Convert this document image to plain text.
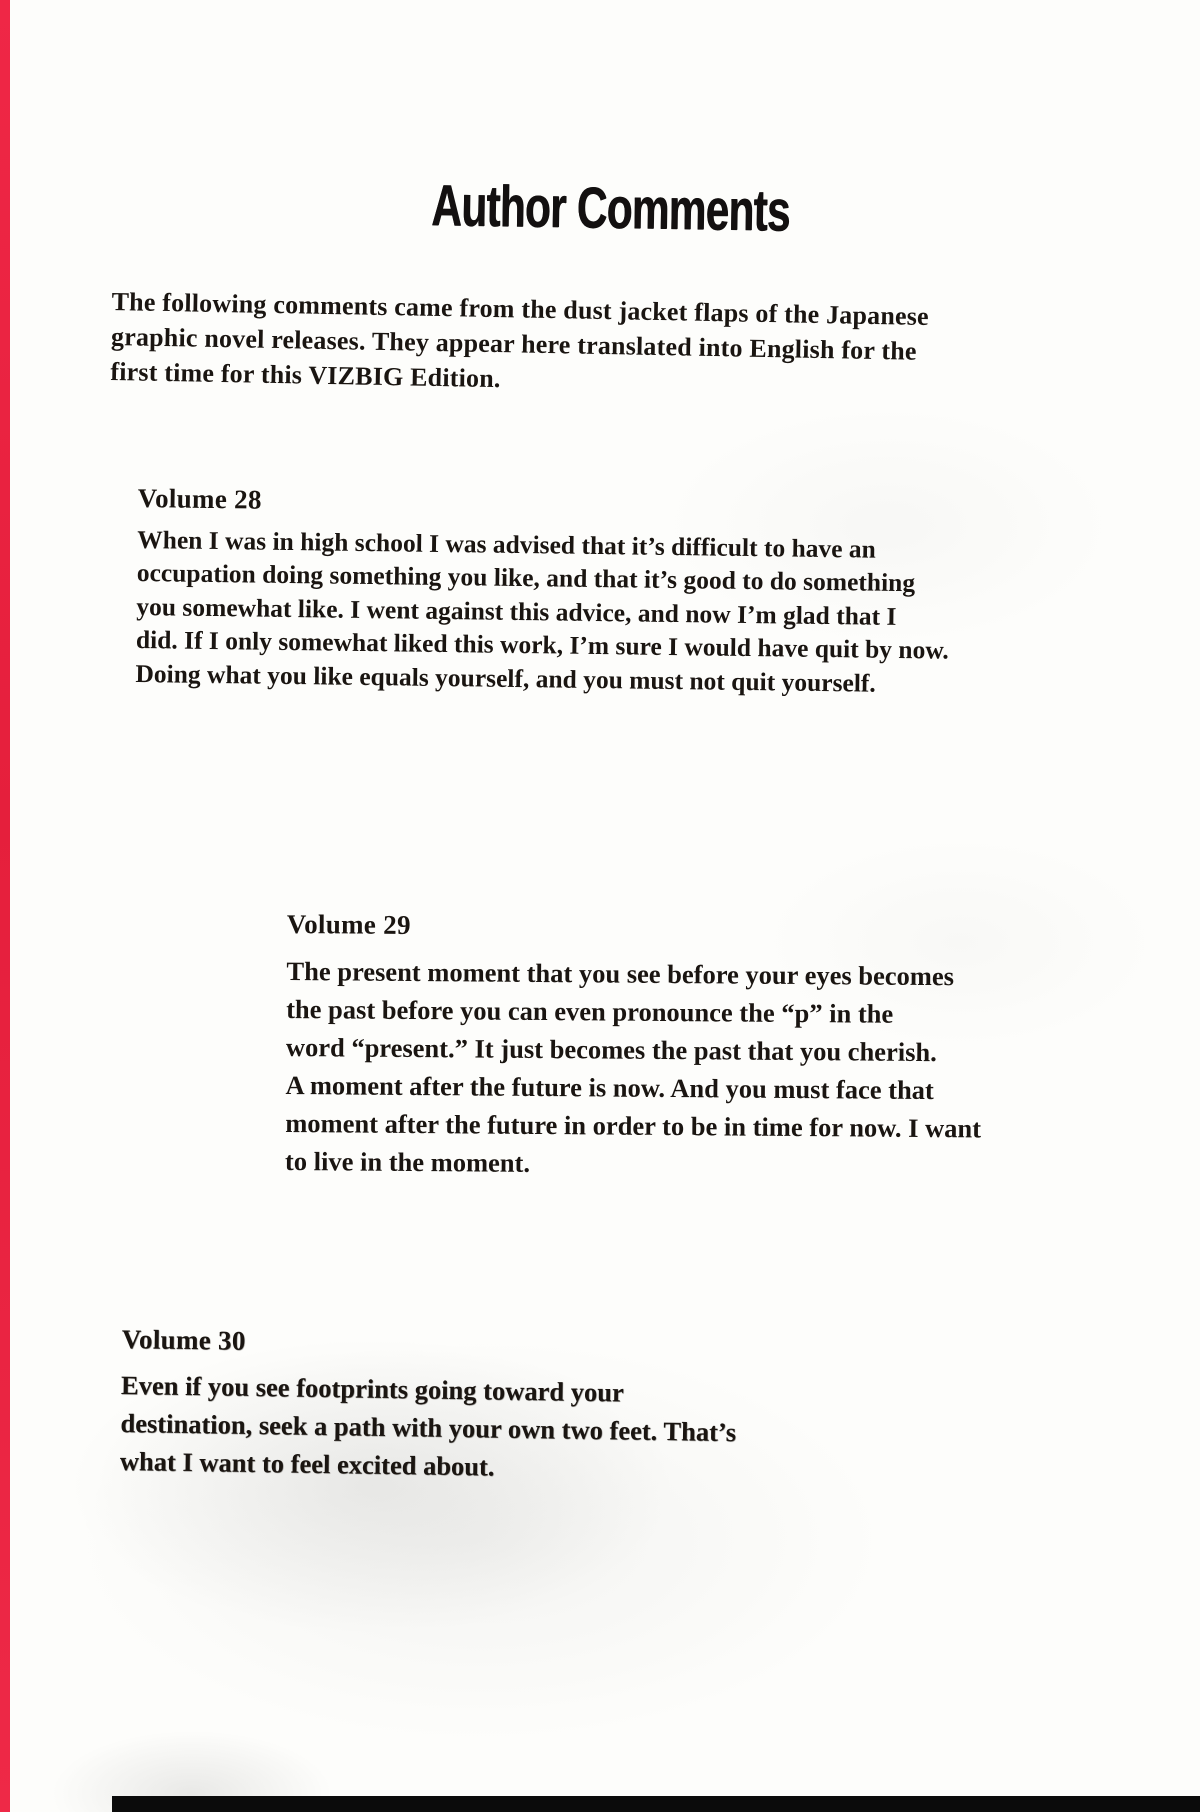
Author Comments
The following comments came from the dust jacket flaps of the Japanese
graphic novel releases. They appear here translated into English for the
first time for this VIZBIG Edition.
Volume 28
When I was in high school I was advised that it’s difficult to have an
occupation doing something you like, and that it’s good to do something
you somewhat like. I went against this advice, and now I’m glad that I
did. If I only somewhat liked this work, I’m sure I would have quit by now.
Doing what you like equals yourself, and you must not quit yourself.
Volume 29
The present moment that you see before your eyes becomes
the past before you can even pronounce the “p” in the
word “present.” It just becomes the past that you cherish.
A moment after the future is now. And you must face that
moment after the future in order to be in time for now. I want
to live in the moment.
Volume 30
Even if you see footprints going toward your
destination, seek a path with your own two feet. That’s
what I want to feel excited about.
